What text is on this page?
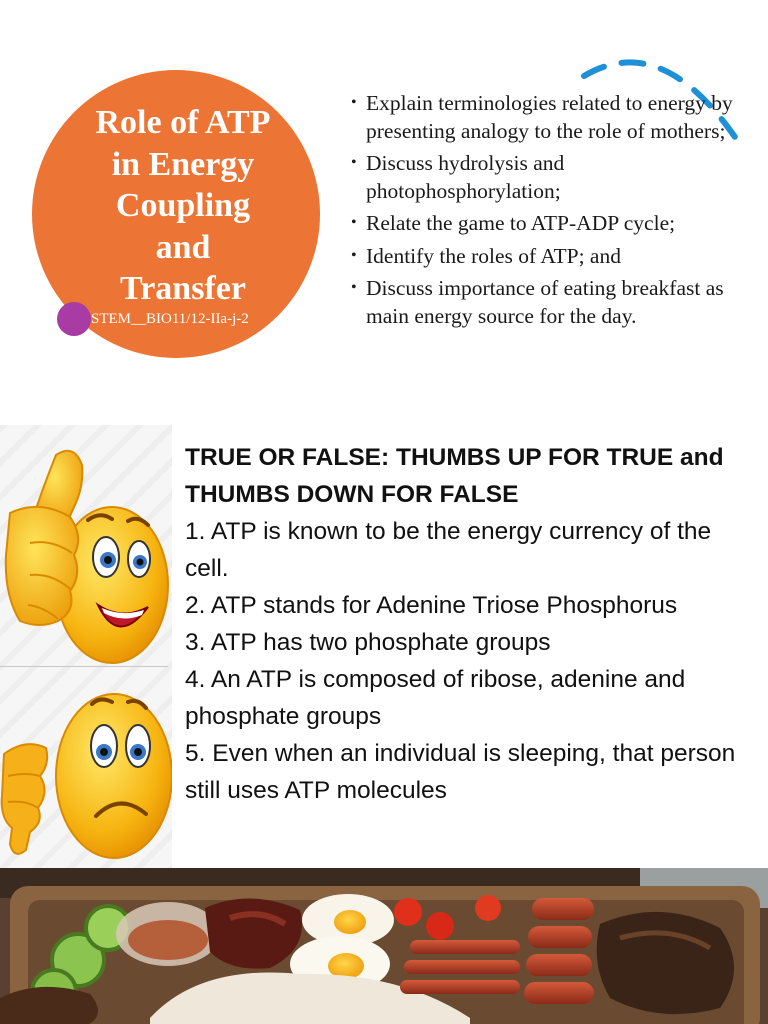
Role of ATP
in Energy
Coupling
and
Transfer
STEM__BIO11/12-IIa-j-2
• Explain terminologies related to energy by presenting analogy to the role of mothers;
• Discuss hydrolysis and photophosphorylation;
• Relate the game to ATP-ADP cycle;
• Identify the roles of ATP; and
• Discuss importance of eating breakfast as main energy source for the day.

TRUE OR FALSE: THUMBS UP FOR TRUE and THUMBS DOWN FOR FALSE

1. ATP is known to be the energy currency of the cell.

2. ATP stands for Adenine Triose Phosphorus

3. ATP has two phosphate groups

4. An ATP is composed of ribose, adenine and phosphate groups

5. Even when an individual is sleeping, that person still uses ATP molecules
